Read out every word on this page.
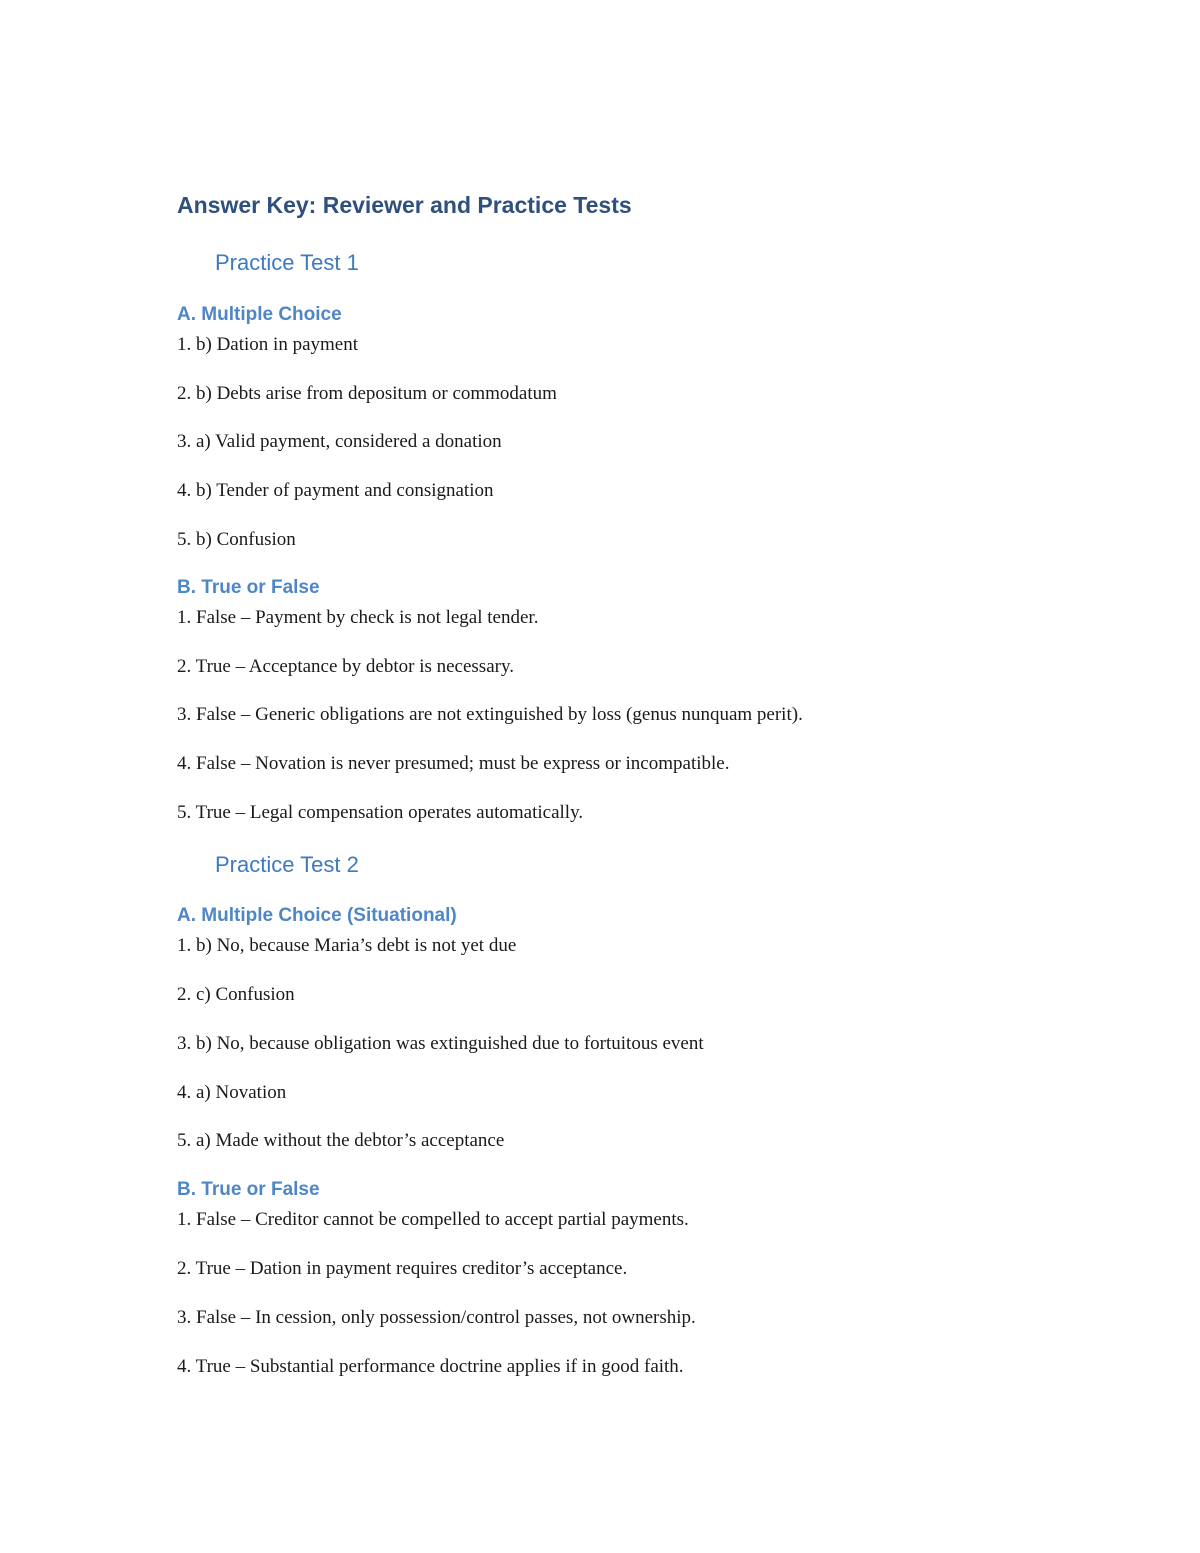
Answer Key: Reviewer and Practice Tests
Practice Test 1
A. Multiple Choice
1. b) Dation in payment
2. b) Debts arise from depositum or commodatum
3. a) Valid payment, considered a donation
4. b) Tender of payment and consignation
5. b) Confusion
B. True or False
1. False – Payment by check is not legal tender.
2. True – Acceptance by debtor is necessary.
3. False – Generic obligations are not extinguished by loss (genus nunquam perit).
4. False – Novation is never presumed; must be express or incompatible.
5. True – Legal compensation operates automatically.
Practice Test 2
A. Multiple Choice (Situational)
1. b) No, because Maria’s debt is not yet due
2. c) Confusion
3. b) No, because obligation was extinguished due to fortuitous event
4. a) Novation
5. a) Made without the debtor’s acceptance
B. True or False
1. False – Creditor cannot be compelled to accept partial payments.
2. True – Dation in payment requires creditor’s acceptance.
3. False – In cession, only possession/control passes, not ownership.
4. True – Substantial performance doctrine applies if in good faith.
